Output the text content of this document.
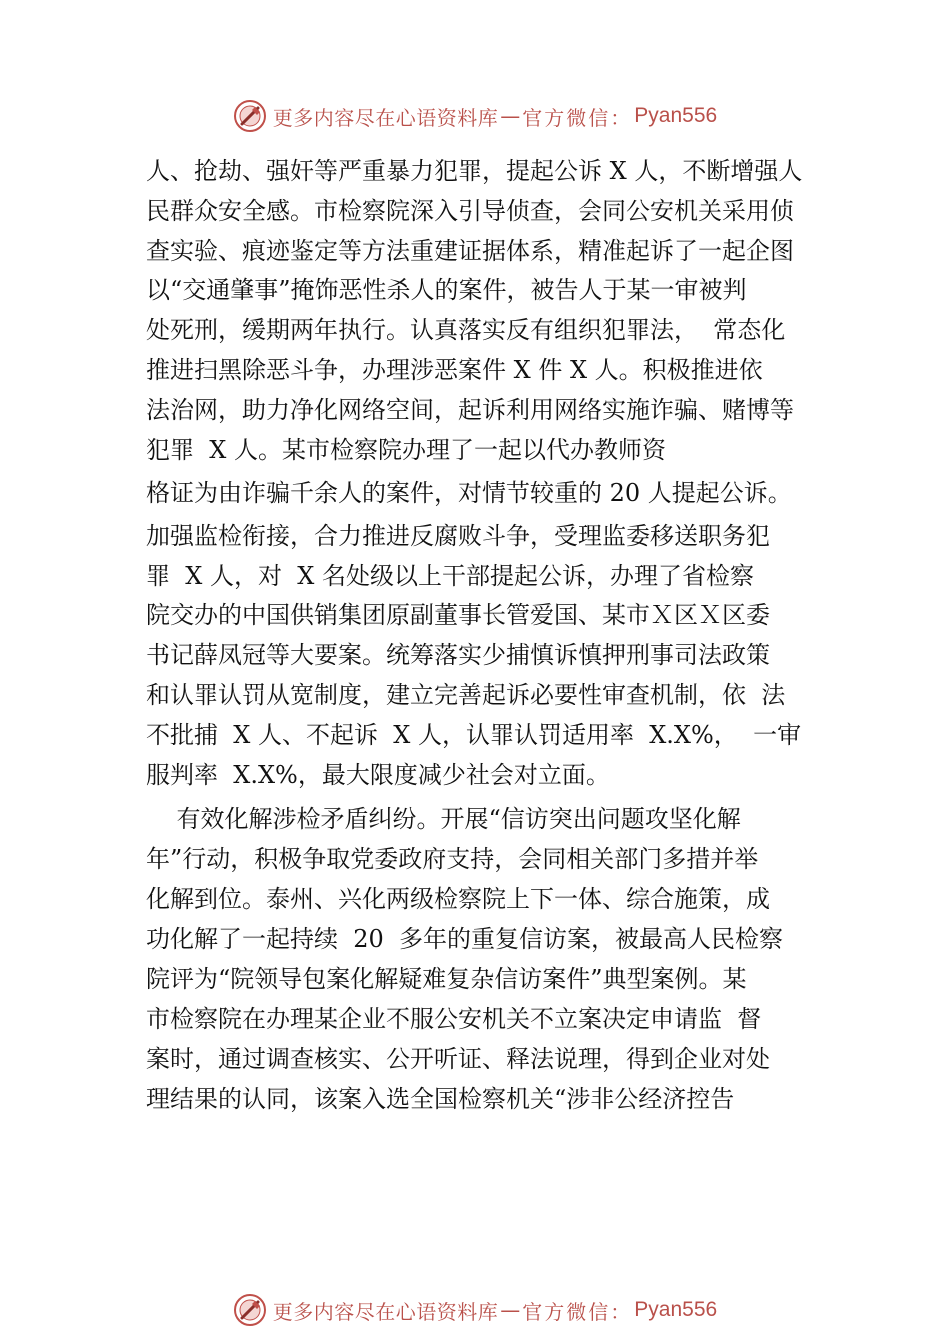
更多内容尽在心语资料库 — 官方微信： Pyan556
人、抢劫、强奸等严重暴力犯罪，提起公诉 X 人，不断增强人
民群众安全感。市检察院深入引导侦查，会同公安机关采用侦
查实验、痕迹鉴定等方法重建证据体系，精准起诉了一起企图
以“交通肇事”掩饰恶性杀人的案件，被告人于某一审被判
处死刑，缓期两年执行。认真落实反有组织犯罪法，  常态化
推进扫黑除恶斗争，办理涉恶案件 X 件 X 人。积极推进依
法治网，助力净化网络空间，起诉利用网络实施诈骗、赌博等
犯罪  X 人。某市检察院办理了一起以代办教师资
格证为由诈骗千余人的案件，对情节较重的 20 人提起公诉。
加强监检衔接，合力推进反腐败斗争，受理监委移送职务犯
罪  X 人，对  X 名处级以上干部提起公诉，办理了省检察
院交办的中国供销集团原副董事长管爱国、某市Ｘ区Ｘ区委
书记薛凤冠等大要案。统筹落实少捕慎诉慎押刑事司法政策
和认罪认罚从宽制度，建立完善起诉必要性审查机制，依  法
不批捕  X 人、不起诉  X 人，认罪认罚适用率  X.X%，  一审
服判率  X.X%，最大限度减少社会对立面。
有效化解涉检矛盾纠纷。开展“信访突出问题攻坚化解
年”行动，积极争取党委政府支持，会同相关部门多措并举
化解到位。泰州、兴化两级检察院上下一体、综合施策，成
功化解了一起持续  20  多年的重复信访案，被最高人民检察
院评为“院领导包案化解疑难复杂信访案件”典型案例。某
市检察院在办理某企业不服公安机关不立案决定申请监  督
案时，通过调查核实、公开听证、释法说理，得到企业对处
理结果的认同，该案入选全国检察机关“涉非公经济控告
更多内容尽在心语资料库 — 官方微信： Pyan556
